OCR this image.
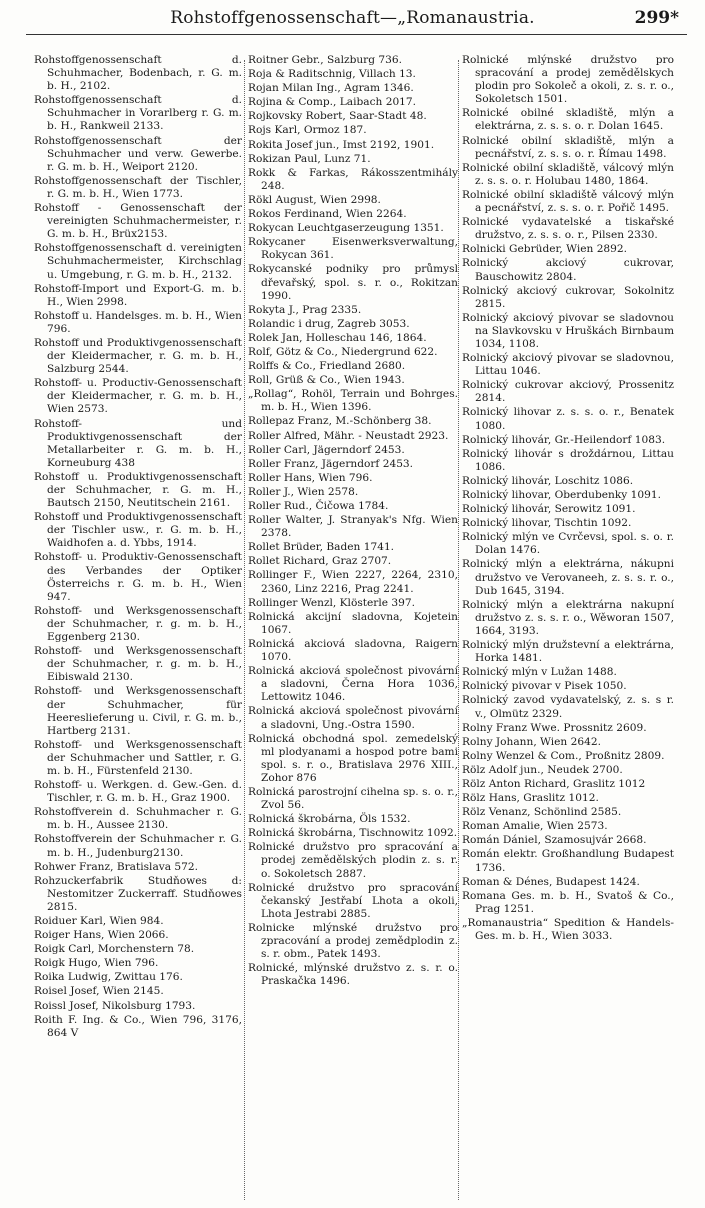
Rohstoffgenossenschaft—„Romanaustria.	299*
Rohstoffgenossenschaft d. Schuhmacher, Bodenbach, r. G. m. b. H., 2102.
Rohstoffgenossenschaft d. Schuhmacher in Vorarlberg r. G. m. b. H., Rankweil 2133.
Rohstoffgenossenschaft der Schuhmacher und verw. Gewerbe. r. G. m. b. H., Weiport 2120.
Rohstoffgenossenschaft der Tischler, r. G. m. b. H., Wien 1773.
Rohstoff - Genossenschaft der vereinigten Schuhmachermeister, r. G. m. b. H., Brüx2153.
Rohstoffgenossenschaft d. vereinigten Schuhmachermeister, Kirchschlag u. Umgebung, r. G. m. b. H., 2132.
Rohstoff-Import und Export-G. m. b. H., Wien 2998.
Rohstoff u. Handelsges. m. b. H., Wien 796.
Rohstoff und Produktivgenossenschaft der Kleidermacher, r. G. m. b. H., Salzburg 2544.
Rohstoff- u. Productiv-Genossenschaft der Kleidermacher, r. G. m. b. H., Wien 2573.
Rohstoff- und Produktivgenossenschaft der Metallarbeiter r. G. m. b. H., Korneuburg 438
Rohstoff u. Produktivgenossenschaft der Schuhmacher, r. G. m. H., Bautsch 2150, Neutitschein 2161.
Rohstoff und Produktivgenossenschaft der Tischler usw., r. G. m. b. H., Waidhofen a. d. Ybbs, 1914.
Rohstoff- u. Produktiv-Genossenschaft des Verbandes der Optiker Österreichs r. G. m. b. H., Wien 947.
Rohstoff- und Werksgenossenschaft der Schuhmacher, r. g. m. b. H., Eggenberg 2130.
Rohstoff- und Werksgenossenschaft der Schuhmacher, r. g. m. b. H., Eibiswald 2130.
Rohstoff- und Werksgenossenschaft der Schuhmacher, für Heereslieferung u. Civil, r. G. m. b., Hartberg 2131.
Rohstoff- und Werksgenossenschaft der Schuhmacher und Sattler, r. G. m. b. H., Fürstenfeld 2130.
Rohstoff- u. Werkgen. d. Gew.-Gen. d. Tischler, r. G. m. b. H., Graz 1900.
Rohstoffverein d. Schuhmacher r. G. m. b. H., Aussee 2130.
Rohstoffverein der Schuhmacher r. G. m. b. H., Judenburg2130.
Rohwer Franz, Bratislava 572.
Rohzuckerfabrik Studňowes d: Nestomitzer Zuckerraff. Studňowes 2815.
Roiduer Karl, Wien 984.
Roiger Hans, Wien 2066.
Roigk Carl, Morchenstern 78.
Roigk Hugo, Wien 796.
Roika Ludwig, Zwittau 176.
Roisel Josef, Wien 2145.
Roissl Josef, Nikolsburg 1793.
Roith F. Ing. & Co., Wien 796, 3176, 864 V
Roitner Gebr., Salzburg 736.
Roja & Raditschnig, Villach 13.
Rojan Milan Ing., Agram 1346.
Rojina & Comp., Laibach 2017.
Rojkovsky Robert, Saar-Stadt 48.
Rojs Karl, Ormoz 187.
Rokita Josef jun., Imst 2192, 1901.
Rokizan Paul, Lunz 71.
Rokk & Farkas, Rákosszentmihály 248.
Rökl August, Wien 2998.
Rokos Ferdinand, Wien 2264.
Rokycan Leuchtgaserzeugung 1351.
Rokycaner Eisenwerksverwaltung, Rokycan 361.
Rokycanské podniky pro průmysl dřevařský, spol. s. r. o., Rokitzan 1990.
Rokyta J., Prag 2335.
Rolandic i drug, Zagreb 3053.
Rolek Jan, Holleschau 146, 1864.
Rolf, Götz & Co., Niedergrund 622.
Rolffs & Co., Friedland 2680.
Roll, Grüß & Co., Wien 1943.
„Rollag“, Rohöl, Terrain und Bohrges. m. b. H., Wien 1396.
Rollepaz Franz, M.-Schönberg 38.
Roller Alfred, Mähr. - Neustadt 2923.
Roller Carl, Jägerndorf 2453.
Roller Franz, Jägerndorf 2453.
Roller Hans, Wien 796.
Roller J., Wien 2578.
Roller Rud., Čičowa 1784.
Roller Walter, J. Stranyak's Nfg. Wien 2378.
Rollet Brüder, Baden 1741.
Rollet Richard, Graz 2707.
Rollinger F., Wien 2227, 2264, 2310, 2360, Linz 2216, Prag 2241.
Rollinger Wenzl, Klösterle 397.
Rolnická akcijní sladovna, Kojetein 1067.
Rolnická akciová sladovna, Raigern 1070.
Rolnická akciová společnost pivovární a sladovni, Černa Hora 1036, Lettowitz 1046.
Rolnická akciová společnost pivovární a sladovni, Ung.-Ostra 1590.
Rolnická obchodná spol. zemedelský ml plodyanami a hospod potre bami spol. s. r. o., Bratislava 2976 XIII., Zohor 876
Rolnická parostrojní cihelna sp. s. o. r., Zvol 56.
Rolnická škrobárna, Öls 1532.
Rolnická škrobárna, Tischnowitz 1092.
Rolnické družstvo pro spracování a prodej zemědělských plodin z. s. r. o. Sokoletsch 2887.
Rolnické družstvo pro spracování čekanský Jestřabí Lhota a okoli, Lhota Jestrabi 2885.
Rolnicke mlýnské družstvo pro zpracování a prodej zemědplodin z. s. r. obm., Patek 1493.
Rolnické, mlýnské družstvo z. s. r. o. Praskačka 1496.
Rolnické mlýnské družstvo pro spracování a prodej zemědělskych plodin pro Sokoleč a okoli, z. s. r. o., Sokoletsch 1501.
Rolnické obilné skladiště, mlýn a elektrárna, z. s. s. o. r. Dolan 1645.
Rolnické obilní skladiště, mlýn a pecnářství, z. s. s. o. r. Římau 1498.
Rolnické obilní skladiště, válcový mlýn z. s. s. o. r. Holubau 1480, 1864.
Rolnické obilní skladiště válcový mlýn a pecnářství, z. s. s. o. r. Pořič 1495.
Rolnické vydavatelské a tiskařské družstvo, z. s. s. o. r., Pilsen 2330.
Rolnicki Gebrüder, Wien 2892.
Rolnický akciový cukrovar, Bauschowitz 2804.
Rolnický akciový cukrovar, Sokolnitz 2815.
Rolnický akciový pivovar se sladovnou na Slavkovsku v Hruškách Birnbaum 1034, 1108.
Rolnický akciový pivovar se sladovnou, Littau 1046.
Rolnický cukrovar akciový, Prossenitz 2814.
Rolnický lihovar z. s. s. o. r., Benatek 1080.
Rolnický lihovár, Gr.-Heilendorf 1083.
Rolnický lihovár s droždárnou, Littau 1086.
Rolnický lihovár, Loschitz 1086.
Rolnický lihovar, Oberdubenky 1091.
Rolnický lihovár, Serowitz 1091.
Rolnický lihovar, Tischtin 1092.
Rolnický mlýn ve Cvrčevsi, spol. s. o. r. Dolan 1476.
Rolnický mlýn a elektrárna, nákupni družstvo ve Verovaneeh, z. s. s. r. o., Dub 1645, 3194.
Rolnický mlýn a elektrárna nakupní družstvo z. s. s. r. o., Wěworan 1507, 1664, 3193.
Rolnický mlýn družstevní a elektrárna, Horka 1481.
Rolnický mlýn v Lužan 1488.
Rolnický pivovar v Pisek 1050.
Rolnický zavod vydavatelský, z. s. s r. v., Olmütz 2329.
Rolny Franz Wwe. Prossnitz 2609.
Rolny Johann, Wien 2642.
Rolny Wenzel & Com., Proßnitz 2809.
Rölz Adolf jun., Neudek 2700.
Rölz Anton Richard, Graslitz 1012
Rölz Hans, Graslitz 1012.
Rölz Venanz, Schönlind 2585.
Roman Amalie, Wien 2573.
Román Dániel, Szamosujvár 2668.
Román elektr. Großhandlung Budapest 1736.
Roman & Dénes, Budapest 1424.
Romana Ges. m. b. H., Svatoš & Co., Prag 1251.
„Romanaustria“ Spedition & Handels-Ges. m. b. H., Wien 3033.
